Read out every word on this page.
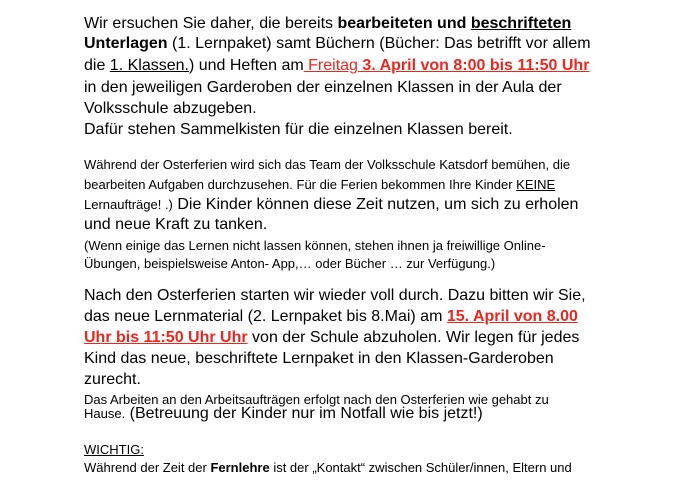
Wir ersuchen Sie daher, die bereits bearbeiteten und beschrifteten
Unterlagen (1. Lernpaket) samt Büchern (Bücher: Das betrifft vor allem
die 1. Klassen.) und Heften am Freitag 3. April von 8:00 bis 11:50 Uhr
in den jeweiligen Garderoben der einzelnen Klassen in der Aula der
Volksschule abzugeben.
Dafür stehen Sammelkisten für die einzelnen Klassen bereit.
Während der Osterferien wird sich das Team der Volksschule Katsdorf bemühen, die
bearbeiten Aufgaben durchzusehen. Für die Ferien bekommen Ihre Kinder KEINE
Lernaufträge! .) Die Kinder können diese Zeit nutzen, um sich zu erholen
und neue Kraft zu tanken.
(Wenn einige das Lernen nicht lassen können, stehen ihnen ja freiwillige Online-
Übungen, beispielsweise Anton- App,… oder Bücher … zur Verfügung.)
Nach den Osterferien starten wir wieder voll durch. Dazu bitten wir Sie,
das neue Lernmaterial (2. Lernpaket bis 8.Mai) am 15. April von 8.00
Uhr bis 11:50 Uhr Uhr von der Schule abzuholen. Wir legen für jedes
Kind das neue, beschriftete Lernpaket in den Klassen-Garderoben
zurecht.
Das Arbeiten an den Arbeitsaufträgen erfolgt nach den Osterferien wie gehabt zu
Hause. (Betreuung der Kinder nur im Notfall wie bis jetzt!)
WICHTIG:
Während der Zeit der Fernlehre ist der „Kontakt“ zwischen Schüler/innen, Eltern und
